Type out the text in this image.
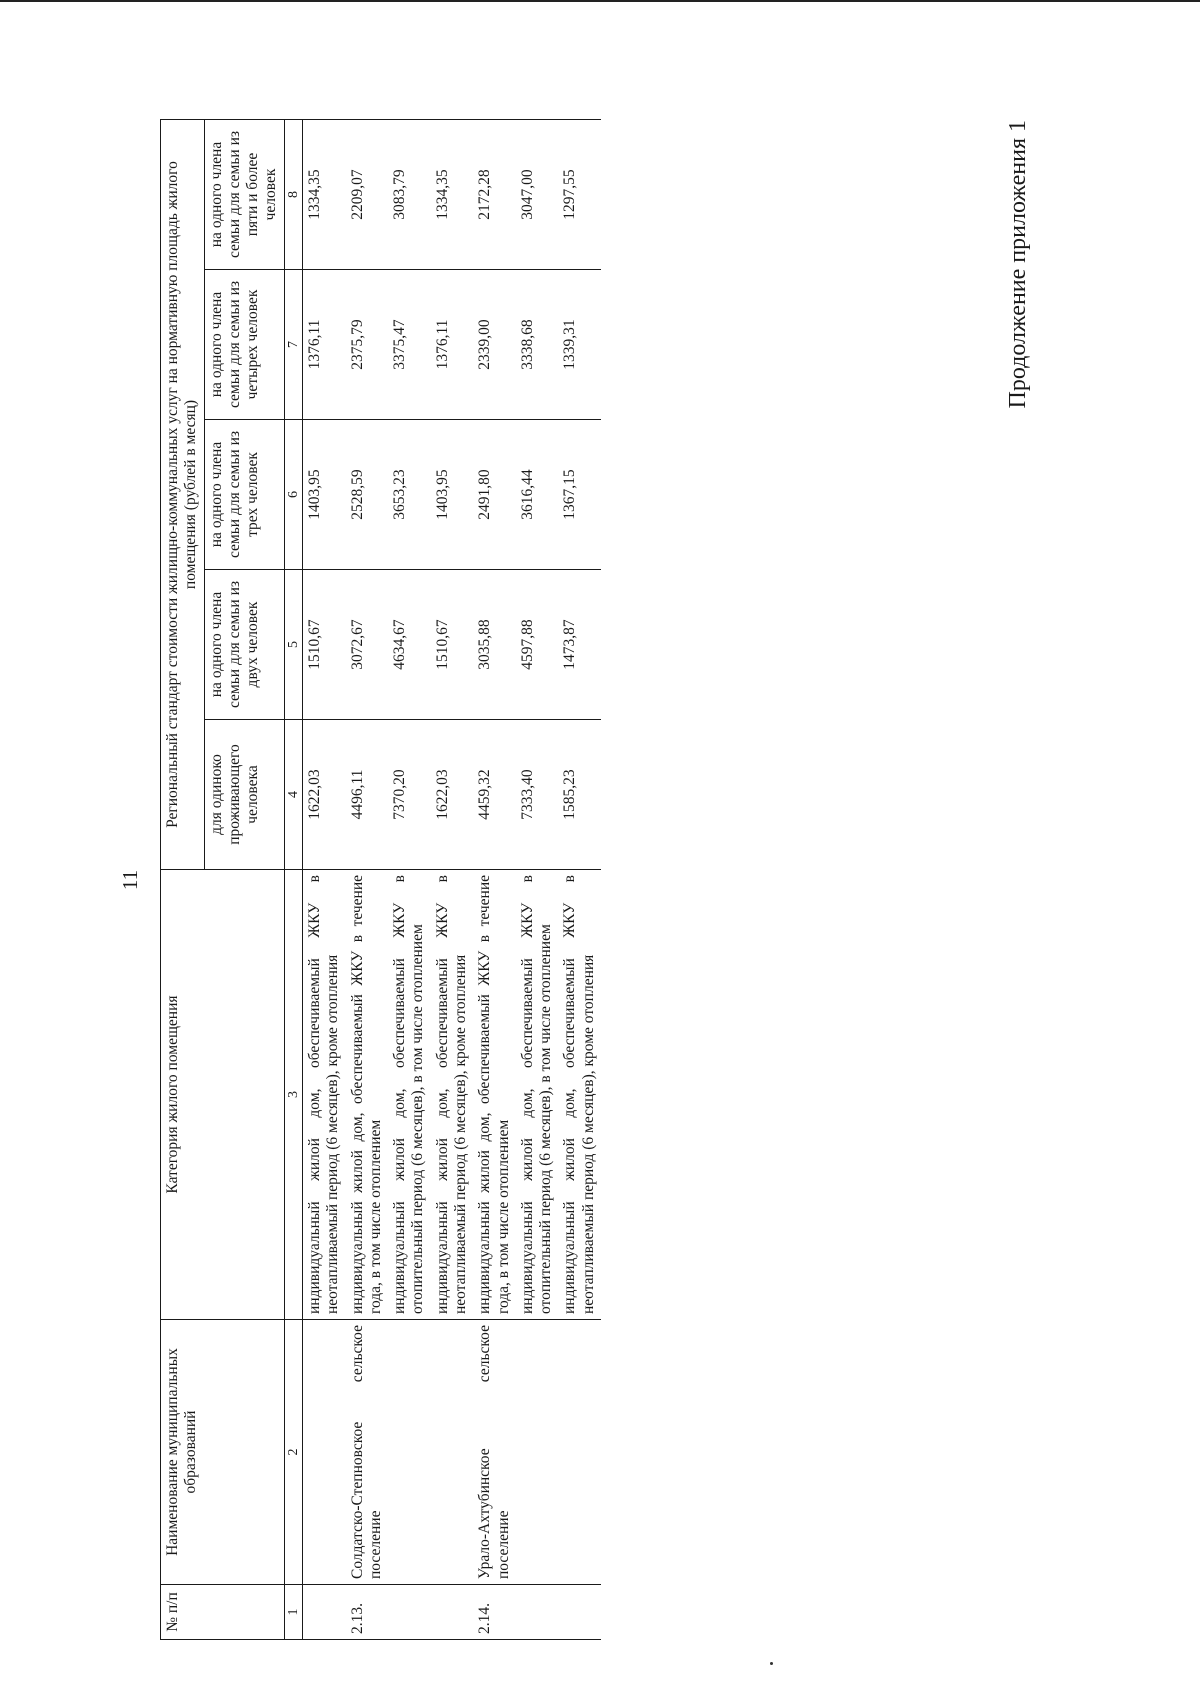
11
Продолжение приложения 1
№ п/п	Наименование муниципальных образований	Категория жилого помещения	Региональный стандарт стоимости жилищно-коммунальных услуг на нормативную площадь жилого помещения (рублей в месяц)				
			для одиноко проживающего человека	на одного члена семьи для семьи из двух человек	на одного члена семьи для семьи из трех человек	на одного члена семьи для семьи из четырех человек	на одного члена семьи для семьи из пяти и более человек
1	2	3	4	5	6	7	8
		индивидуальный жилой дом, обеспечиваемый ЖКУ в неотапливаемый период (6 месяцев), кроме отопления	1622,03	1510,67	1403,95	1376,11	1334,35
2.13.	Солдатско-Степновское сельское поселение	индивидуальный жилой дом, обеспечиваемый ЖКУ в течение года, в том числе отоплением	4496,11	3072,67	2528,59	2375,79	2209,07
		индивидуальный жилой дом, обеспечиваемый ЖКУ в отопительный период (6 месяцев), в том числе отоплением	7370,20	4634,67	3653,23	3375,47	3083,79
		индивидуальный жилой дом, обеспечиваемый ЖКУ в неотапливаемый период (6 месяцев), кроме отопления	1622,03	1510,67	1403,95	1376,11	1334,35
2.14.	Урало-Ахтубинское сельское поселение	индивидуальный жилой дом, обеспечиваемый ЖКУ в течение года, в том числе отоплением	4459,32	3035,88	2491,80	2339,00	2172,28
		индивидуальный жилой дом, обеспечиваемый ЖКУ в отопительный период (6 месяцев), в том числе отоплением	7333,40	4597,88	3616,44	3338,68	3047,00
		индивидуальный жилой дом, обеспечиваемый ЖКУ в неотапливаемый период (6 месяцев), кроме отопления	1585,23	1473,87	1367,15	1339,31	1297,55
